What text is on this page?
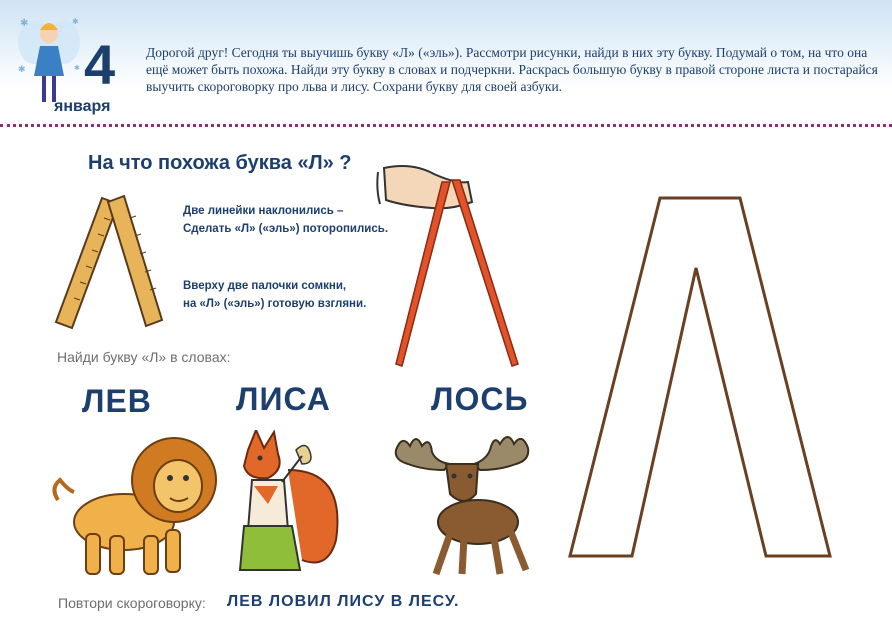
✱	✱
✱	✱ 4
января
Дорогой друг! Сегодня ты выучишь букву «Л» («эль»). Рассмотри рисунки, найди в них эту букву. Подумай о том, на что она ещё может быть похожа. Найди эту букву в словах и подчеркни. Раскрась большую букву в правой стороне листа и постарайся выучить скороговорку про льва и лису. Сохрани букву для своей азбуки.
На что похожа буква «Л» ?
Две линейки наклонились –
Сделать «Л» («эль») поторопились.
Вверху две палочки сомкни,
на «Л» («эль») готовую взгляни.
Найди букву «Л» в словах:
ЛЕВ	ЛИСА	ЛОСЬ
Повтори скороговорку: ЛЕВ ЛОВИЛ ЛИСУ В ЛЕСУ.
